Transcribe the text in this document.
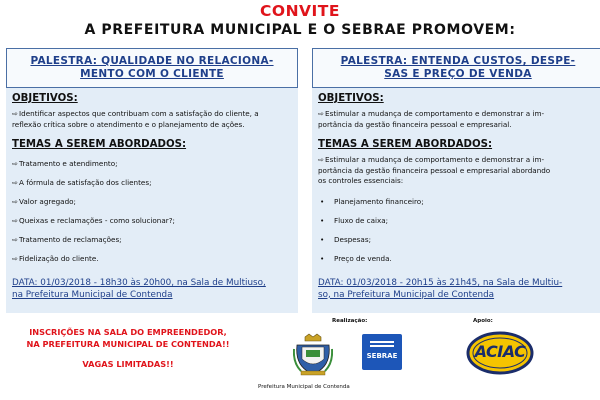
CONVITE
A PREFEITURA MUNICIPAL E O SEBRAE PROMOVEM:
PALESTRA: QUALIDADE NO RELACIONA-
MENTO COM O CLIENTE
OBJETIVOS:
⇨Identificar aspectos que contribuam com a satisfação do cliente, a
reflexão crítica sobre o atendimento e o planejamento de ações.
TEMAS A SEREM ABORDADOS:
⇨Tratamento e atendimento;
⇨A fórmula de satisfação dos clientes;
⇨Valor agregado;
⇨Queixas e reclamações - como solucionar?;
⇨Tratamento de reclamações;
⇨Fidelização do cliente.
DATA: 01/03/2018 - 18h30 às 20h00, na Sala de Multiuso,
na Prefeitura Municipal de Contenda
PALESTRA: ENTENDA CUSTOS, DESPE-
SAS E PREÇO DE VENDA
OBJETIVOS:
⇨Estimular a mudança de comportamento e demonstrar a im-
portância da gestão financeira pessoal e empresarial.
TEMAS A SEREM ABORDADOS:
⇨Estimular a mudança de comportamento e demonstrar a im-
portância da gestão financeira pessoal e empresarial abordando
os controles essenciais:
• Planejamento financeiro;
• Fluxo de caixa;
• Despesas;
• Preço de venda.
DATA: 01/03/2018 - 20h15 às 21h45, na Sala de Multiu-
so, na Prefeitura Municipal de Contenda
INSCRIÇÕES NA SALA DO EMPREENDEDOR,
NA PREFEITURA MUNICIPAL DE CONTENDA!!
VAGAS LIMITADAS!!
Realização:	Apoio:
Prefeitura Municipal de Contenda
SEBRAE	ACIAC
